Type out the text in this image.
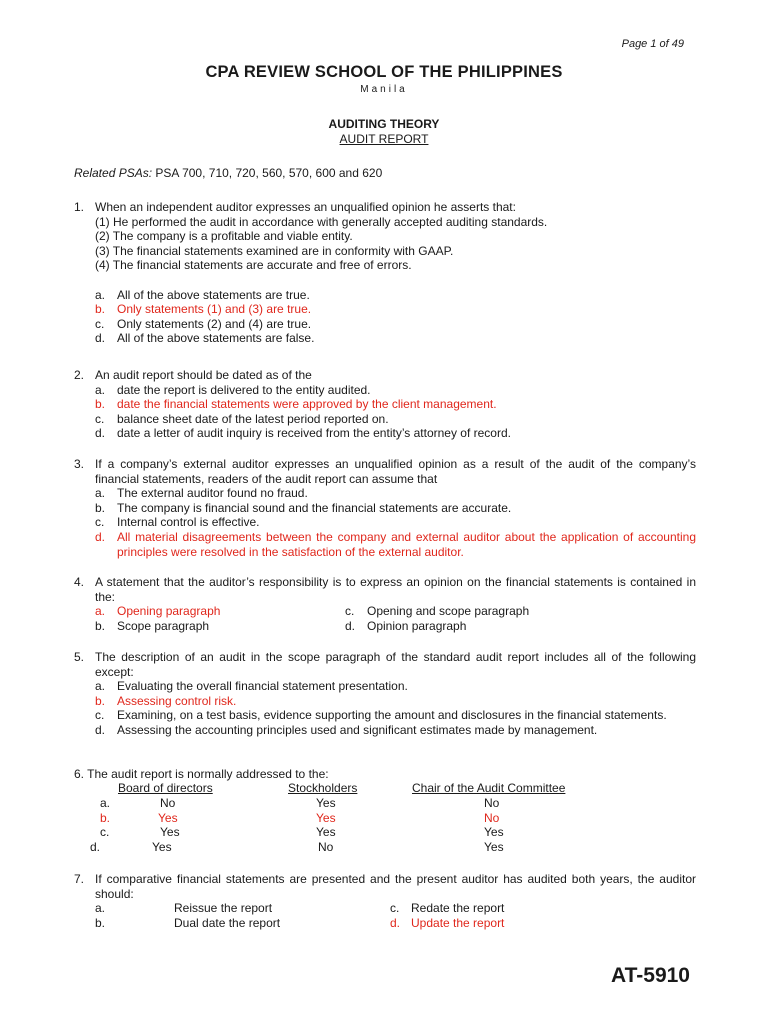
Page 1 of 49
CPA REVIEW SCHOOL OF THE PHILIPPINES
Manila
AUDITING THEORY
AUDIT REPORT
Related PSAs: PSA 700, 710, 720, 560, 570, 600 and 620
1. When an independent auditor expresses an unqualified opinion he asserts that:
(1) He performed the audit in accordance with generally accepted auditing standards.
(2) The company is a profitable and viable entity.
(3) The financial statements examined are in conformity with GAAP.
(4) The financial statements are accurate and free of errors.
a. All of the above statements are true.
b. Only statements (1) and (3) are true.
c.	Only statements (2) and (4) are true.
d. All of the above statements are false.
2. An audit report should be dated as of the
a. date the report is delivered to the entity audited.
b. date the financial statements were approved by the client management.
c.	balance sheet date of the latest period reported on.
d. date a letter of audit inquiry is received from the entity’s attorney of record.
3. If a company’s external auditor expresses an unqualified opinion as a result of the audit of the company’s financial statements, readers of the audit report can assume that
a. The external auditor found no fraud.
b. The company is financial sound and the financial statements are accurate.
c.	Internal control is effective.
d. All material disagreements between the company and external auditor about the application of accounting principles were resolved in the satisfaction of the external auditor.
4. A statement that the auditor’s responsibility is to express an opinion on the financial statements is contained in the:
a. Opening paragraph	c.	Opening and scope paragraph
b. Scope paragraph	d. Opinion paragraph
5. The description of an audit in the scope paragraph of the standard audit report includes all of the following except:
a. Evaluating the overall financial statement presentation.
b. Assessing control risk.
c.	Examining, on a test basis, evidence supporting the amount and disclosures in the financial statements.
d. Assessing the accounting principles used and significant estimates made by management.
6. The audit report is normally addressed to the:
Board of directors	Stockholders	Chair of the Audit Committee
a.	No	Yes	No
b.	Yes	Yes	No
c.	Yes	Yes	Yes
d.	Yes	No	Yes
7. If comparative financial statements are presented and the present auditor has audited both years, the auditor should:
a.	Reissue the report	c. Redate the report
b.	Dual date the report	d. Update the report
AT-5910
